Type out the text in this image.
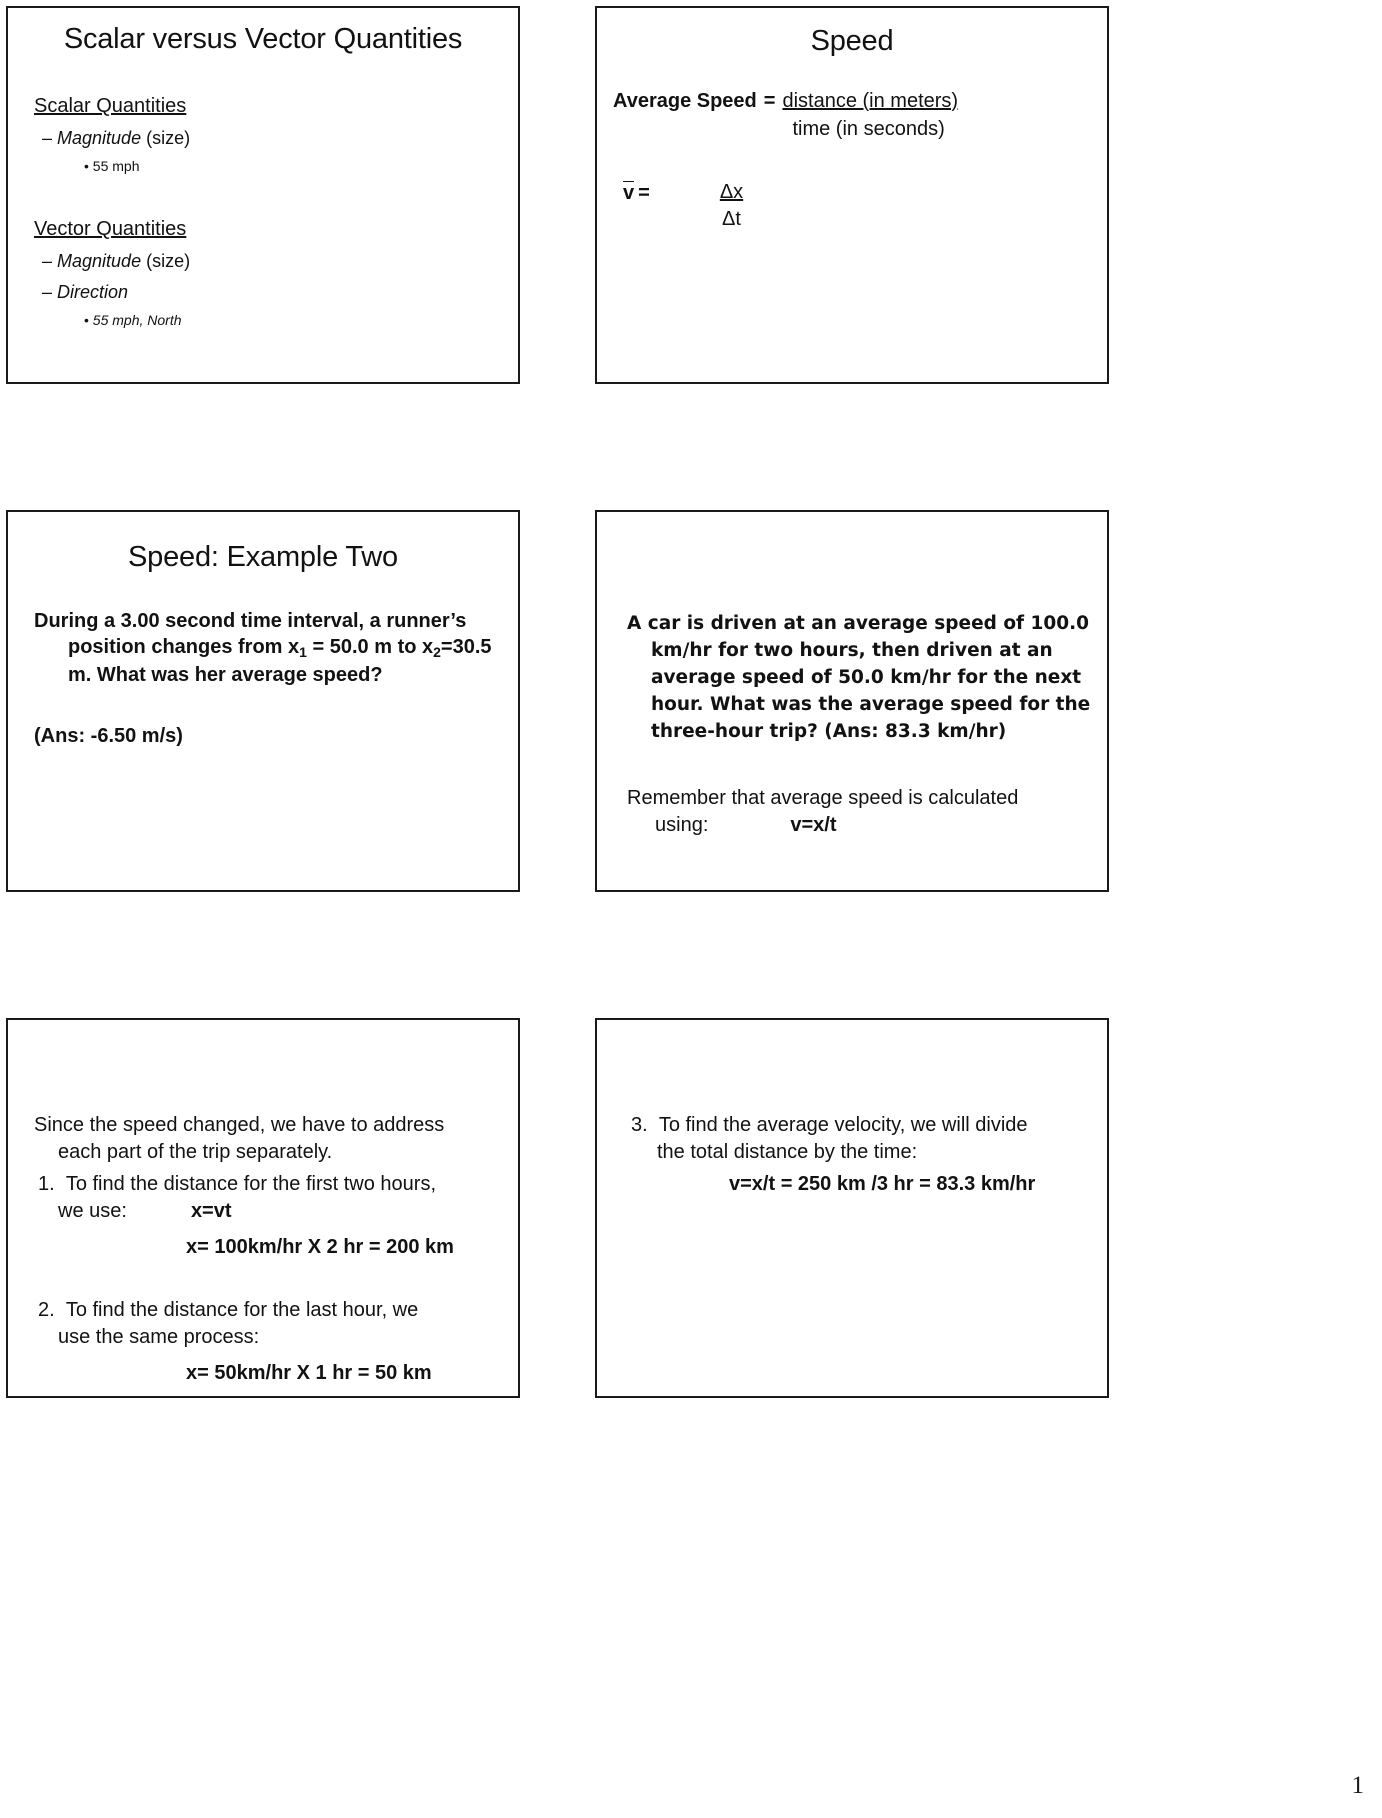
Scalar versus Vector Quantities
Scalar Quantities
– Magnitude (size)
• 55 mph
Vector Quantities
– Magnitude (size)
– Direction
• 55 mph, North
Speed
Average Speed = $\frac{\text{distance (in meters)}}{\text{time (in seconds)}}$
$v = \frac{\Delta x}{\Delta t}$
Speed: Example Two
During a 3.00 second time interval, a runner’s
position changes from $x_1 = 50.0$ m to $x_2=30.5$
m. What was her average speed?
(Ans: -6.50 m/s)
A car is driven at an average speed of 100.0
km/hr for two hours, then driven at an
average speed of 50.0 km/hr for the next
hour. What was the average speed for the
three-hour trip? (Ans: 83.3 km/hr)
Remember that average speed is calculated
using:	v=x/t
Since the speed changed, we have to address
each part of the trip separately.
1. To find the distance for the first two hours,
we use:	x=vt
x= 100km/hr X 2 hr = 200 km
2. To find the distance for the last hour, we
use the same process:
x= 50km/hr X 1 hr = 50 km
3. To find the average velocity, we will divide
the total distance by the time:
v=x/t = 250 km /3 hr = 83.3 km/hr
1
